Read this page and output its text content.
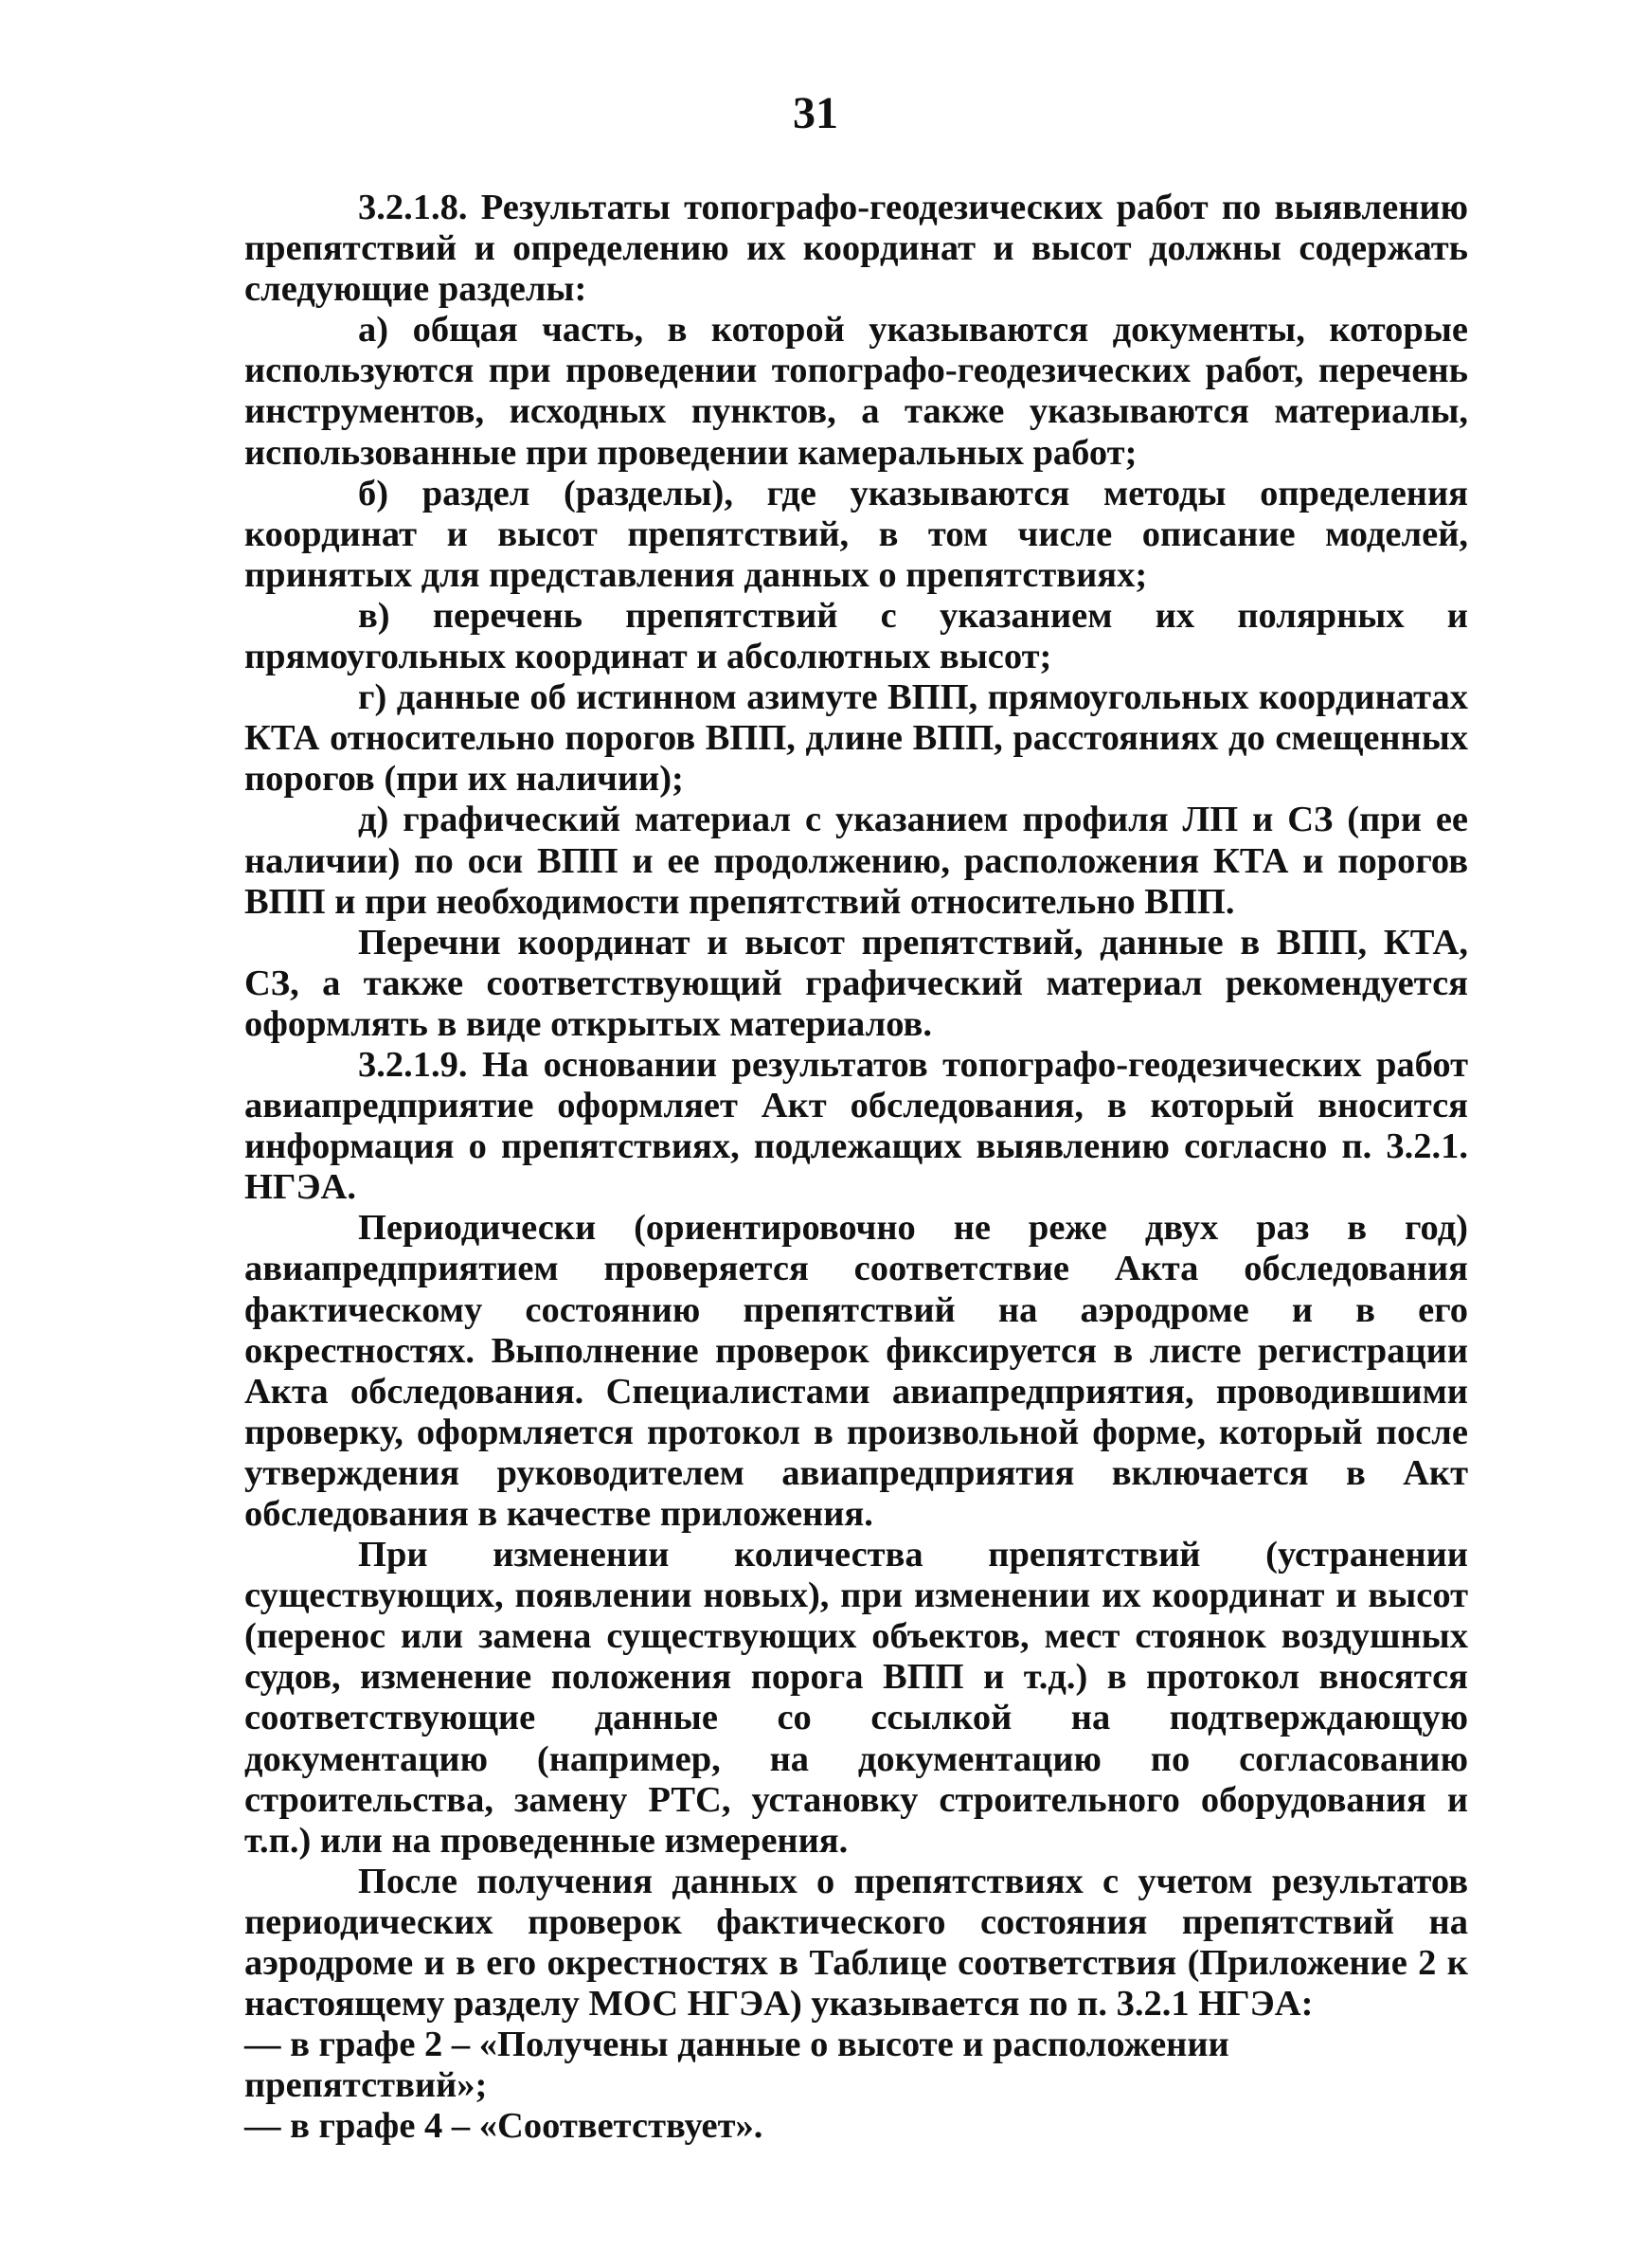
31

3.2.1.8. Результаты топографо-геодезических работ по выявлению препятствий и определению их координат и высот должны содержать следующие разделы:

а) общая часть, в которой указываются документы, которые используются при проведении топографо-геодезических работ, перечень инструментов, исходных пунктов, а также указываются материалы, использованные при проведении камеральных работ;

б) раздел (разделы), где указываются методы определения координат и высот препятствий, в том числе описание моделей, принятых для представления данных о препятствиях;

в) перечень препятствий с указанием их полярных и прямоугольных координат и абсолютных высот;

г) данные об истинном азимуте ВПП, прямоугольных координатах КТА относительно порогов ВПП, длине ВПП, расстояниях до смещенных порогов (при их наличии);

д) графический материал с указанием профиля ЛП и СЗ (при ее наличии) по оси ВПП и ее продолжению, расположения КТА и порогов ВПП и при необходимости препятствий относительно ВПП.

Перечни координат и высот препятствий, данные в ВПП, КТА, СЗ, а также соответствующий графический материал рекомендуется оформлять в виде открытых материалов.

3.2.1.9. На основании результатов топографо-геодезических работ авиапредприятие оформляет Акт обследования, в который вносится информация о препятствиях, подлежащих выявлению согласно п. 3.2.1. НГЭА.

Периодически (ориентировочно не реже двух раз в год) авиапредприятием проверяется соответствие Акта обследования фактическому состоянию препятствий на аэродроме и в его окрестностях. Выполнение проверок фиксируется в листе регистрации Акта обследования. Специалистами авиапредприятия, проводившими проверку, оформляется протокол в произвольной форме, который после утверждения руководителем авиапредприятия включается в Акт обследования в качестве приложения.

При изменении количества препятствий (устранении существующих, появлении новых), при изменении их координат и высот (перенос или замена существующих объектов, мест стоянок воздушных судов, изменение положения порога ВПП и т.д.) в протокол вносятся соответствующие данные со ссылкой на подтверждающую документацию (например, на документацию по согласованию строительства, замену РТС, установку строительного оборудования и т.п.) или на проведенные измерения.

После получения данных о препятствиях с учетом результатов периодических проверок фактического состояния препятствий на аэродроме и в его окрестностях в Таблице соответствия (Приложение 2 к настоящему разделу МОС НГЭА) указывается по п. 3.2.1 НГЭА:

— в графе 2 – «Получены данные о высоте и расположении препятствий»;

— в графе 4 – «Соответствует».
